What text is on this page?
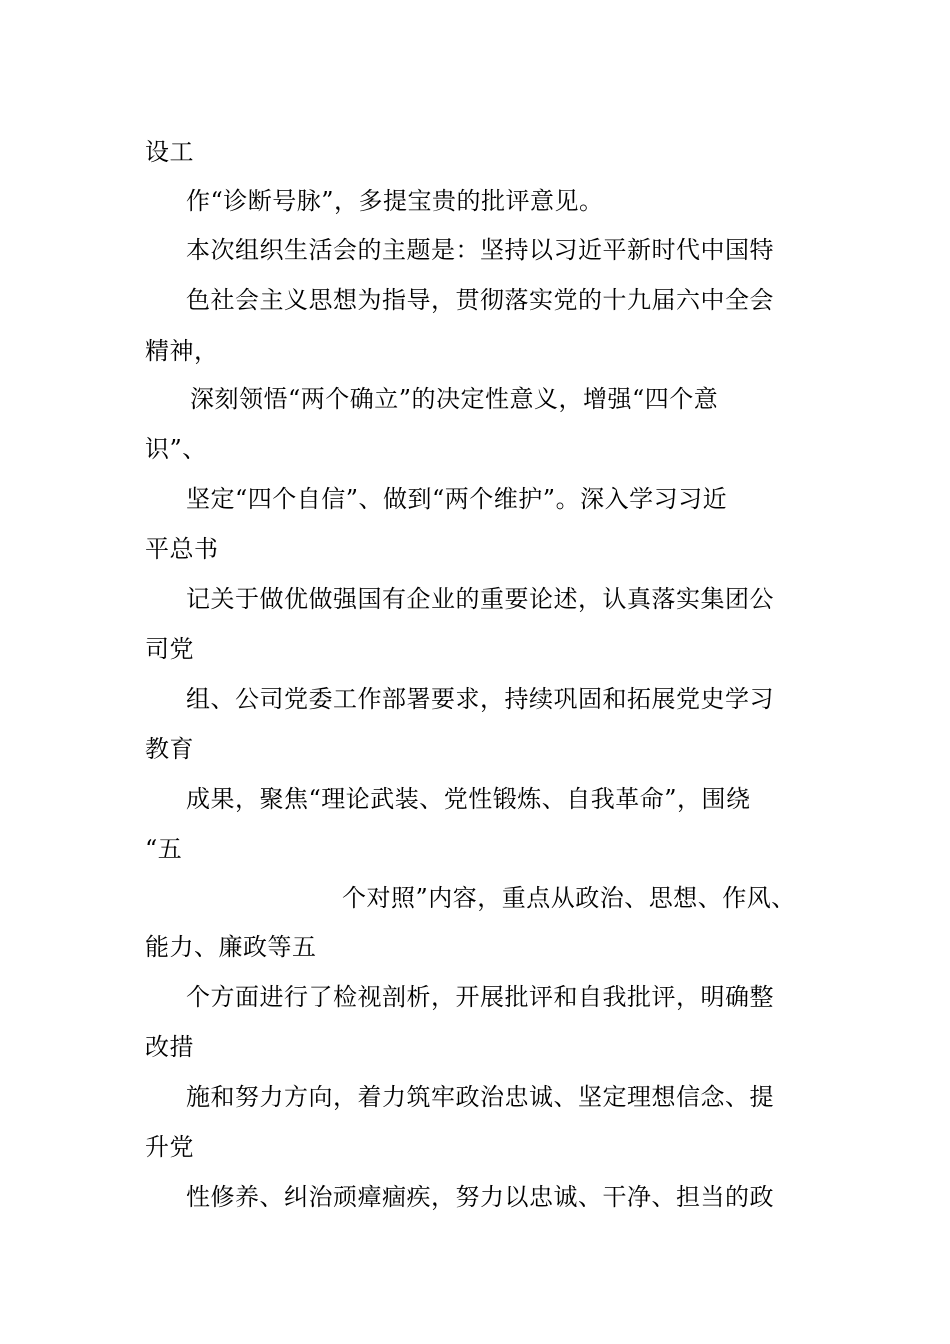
设工
作“诊断号脉”，多提宝贵的批评意见。
本次组织生活会的主题是：坚持以习近平新时代中国特
色社会主义思想为指导，贯彻落实党的十九届六中全会
精神，
深刻领悟“两个确立”的决定性意义，增强“四个意
识”、
坚定“四个自信”、做到“两个维护”。深入学习习近
平总书
记关于做优做强国有企业的重要论述，认真落实集团公
司党
组、公司党委工作部署要求，持续巩固和拓展党史学习
教育
成果，聚焦“理论武装、党性锻炼、自我革命”，围绕
“五
个对照”内容，重点从政治、思想、作风、
能力、廉政等五
个方面进行了检视剖析，开展批评和自我批评，明确整
改措
施和努力方向，着力筑牢政治忠诚、坚定理想信念、提
升党
性修养、纠治顽瘴痼疾，努力以忠诚、干净、担当的政
